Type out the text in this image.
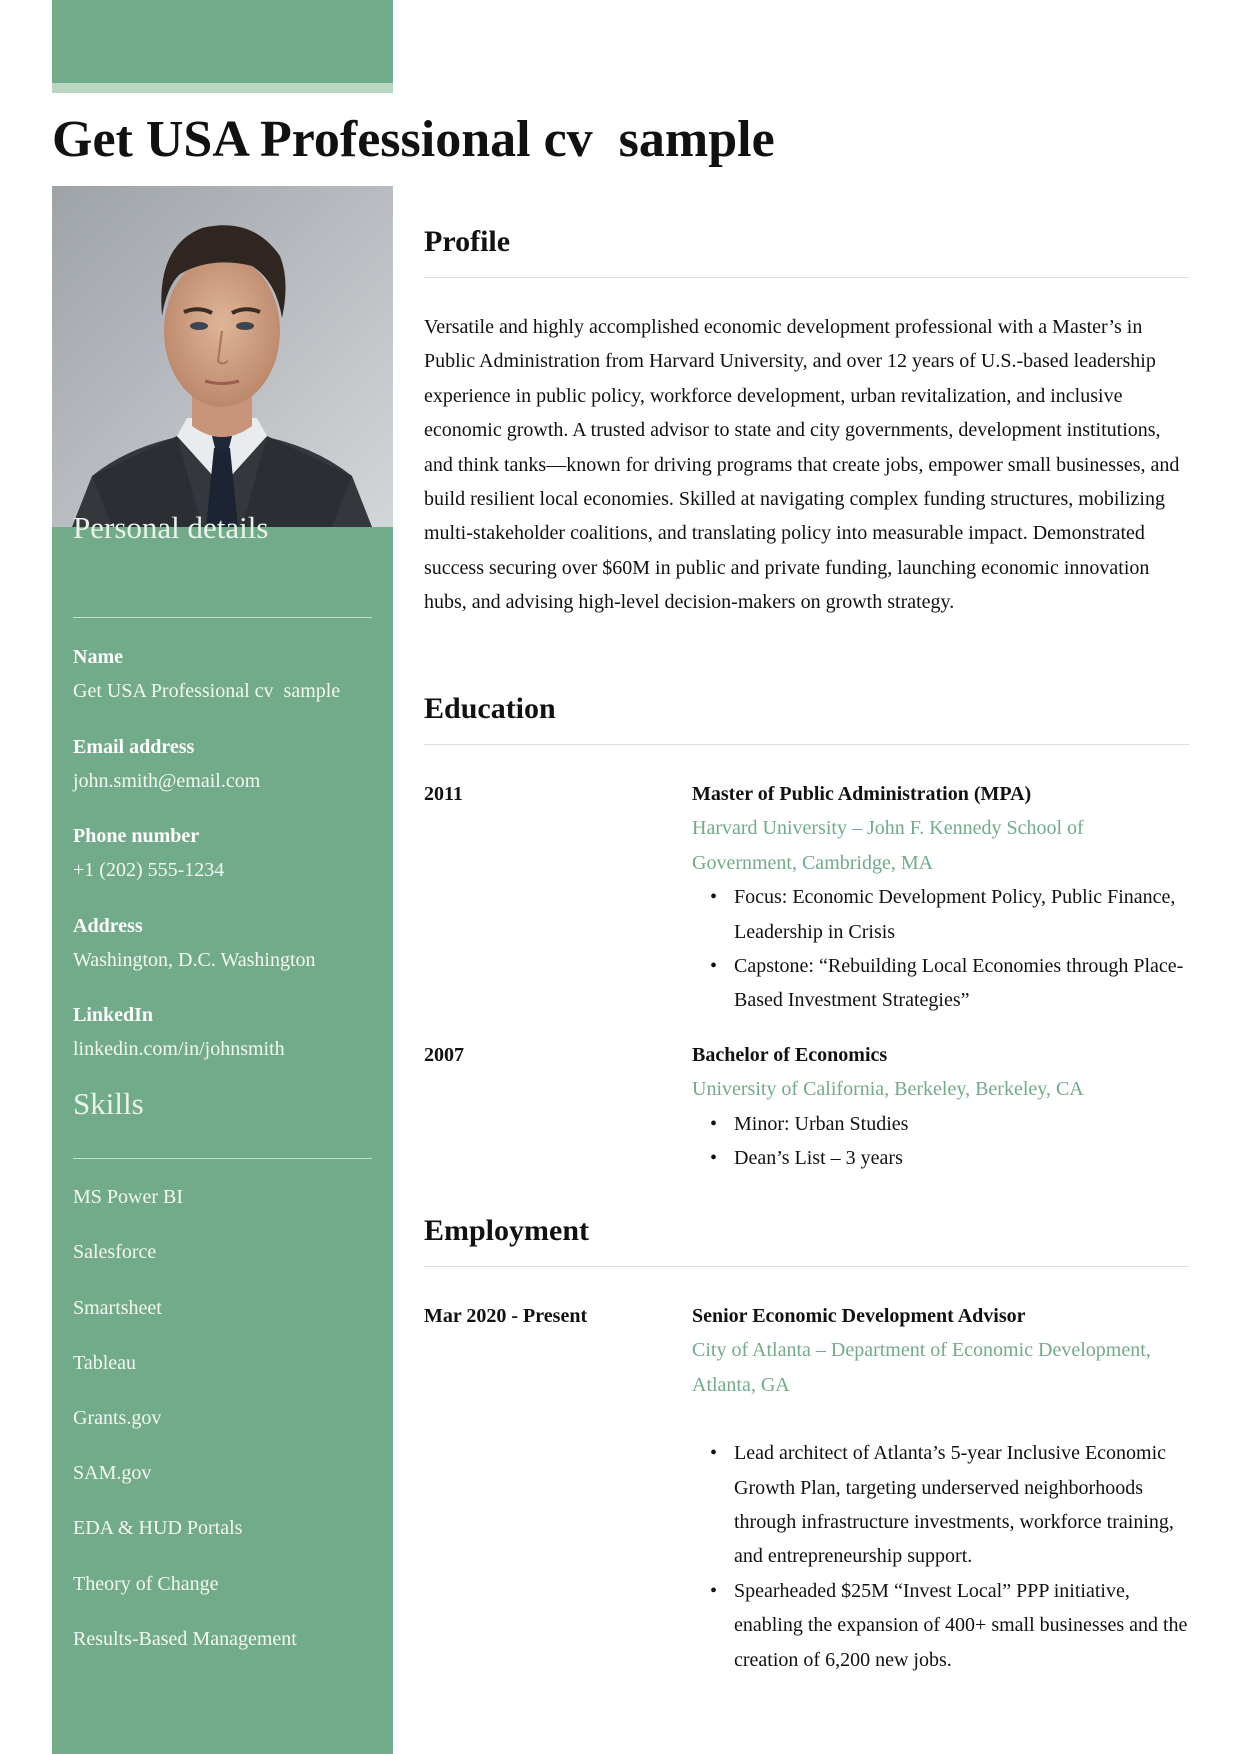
Get USA Professional cv  sample
Personal details
Name
Get USA Professional cv  sample
Email address
john.smith@email.com
Phone number
+1 (202) 555-1234
Address
Washington, D.C. Washington
LinkedIn
linkedin.com/in/johnsmith
Skills
MS Power BI
Salesforce
Smartsheet
Tableau
Grants.gov
SAM.gov
EDA & HUD Portals
Theory of Change
Results-Based Management
Profile

Versatile and highly accomplished economic development professional with a Master’s in Public Administration from Harvard University, and over 12 years of U.S.-based leadership experience in public policy, workforce development, urban revitalization, and inclusive economic growth. A trusted advisor to state and city governments, development institutions, and think tanks—known for driving programs that create jobs, empower small businesses, and build resilient local economies. Skilled at navigating complex funding structures, mobilizing multi-stakeholder coalitions, and translating policy into measurable impact. Demonstrated success securing over $60M in public and private funding, launching economic innovation hubs, and advising high-level decision-makers on growth strategy.

Education
2011	Master of Public Administration (MPA)
Harvard University – John F. Kennedy School of Government, Cambridge, MA
• Focus: Economic Development Policy, Public Finance, Leadership in Crisis
• Capstone: “Rebuilding Local Economies through Place-Based Investment Strategies”
2007	Bachelor of Economics
University of California, Berkeley, Berkeley, CA
• Minor: Urban Studies
• Dean’s List – 3 years
Employment
Mar 2020 - Present	Senior Economic Development Advisor
City of Atlanta – Department of Economic Development, Atlanta, GA
• Lead architect of Atlanta’s 5-year Inclusive Economic Growth Plan, targeting underserved neighborhoods through infrastructure investments, workforce training, and entrepreneurship support.
• Spearheaded $25M “Invest Local” PPP initiative, enabling the expansion of 400+ small businesses and the creation of 6,200 new jobs.
